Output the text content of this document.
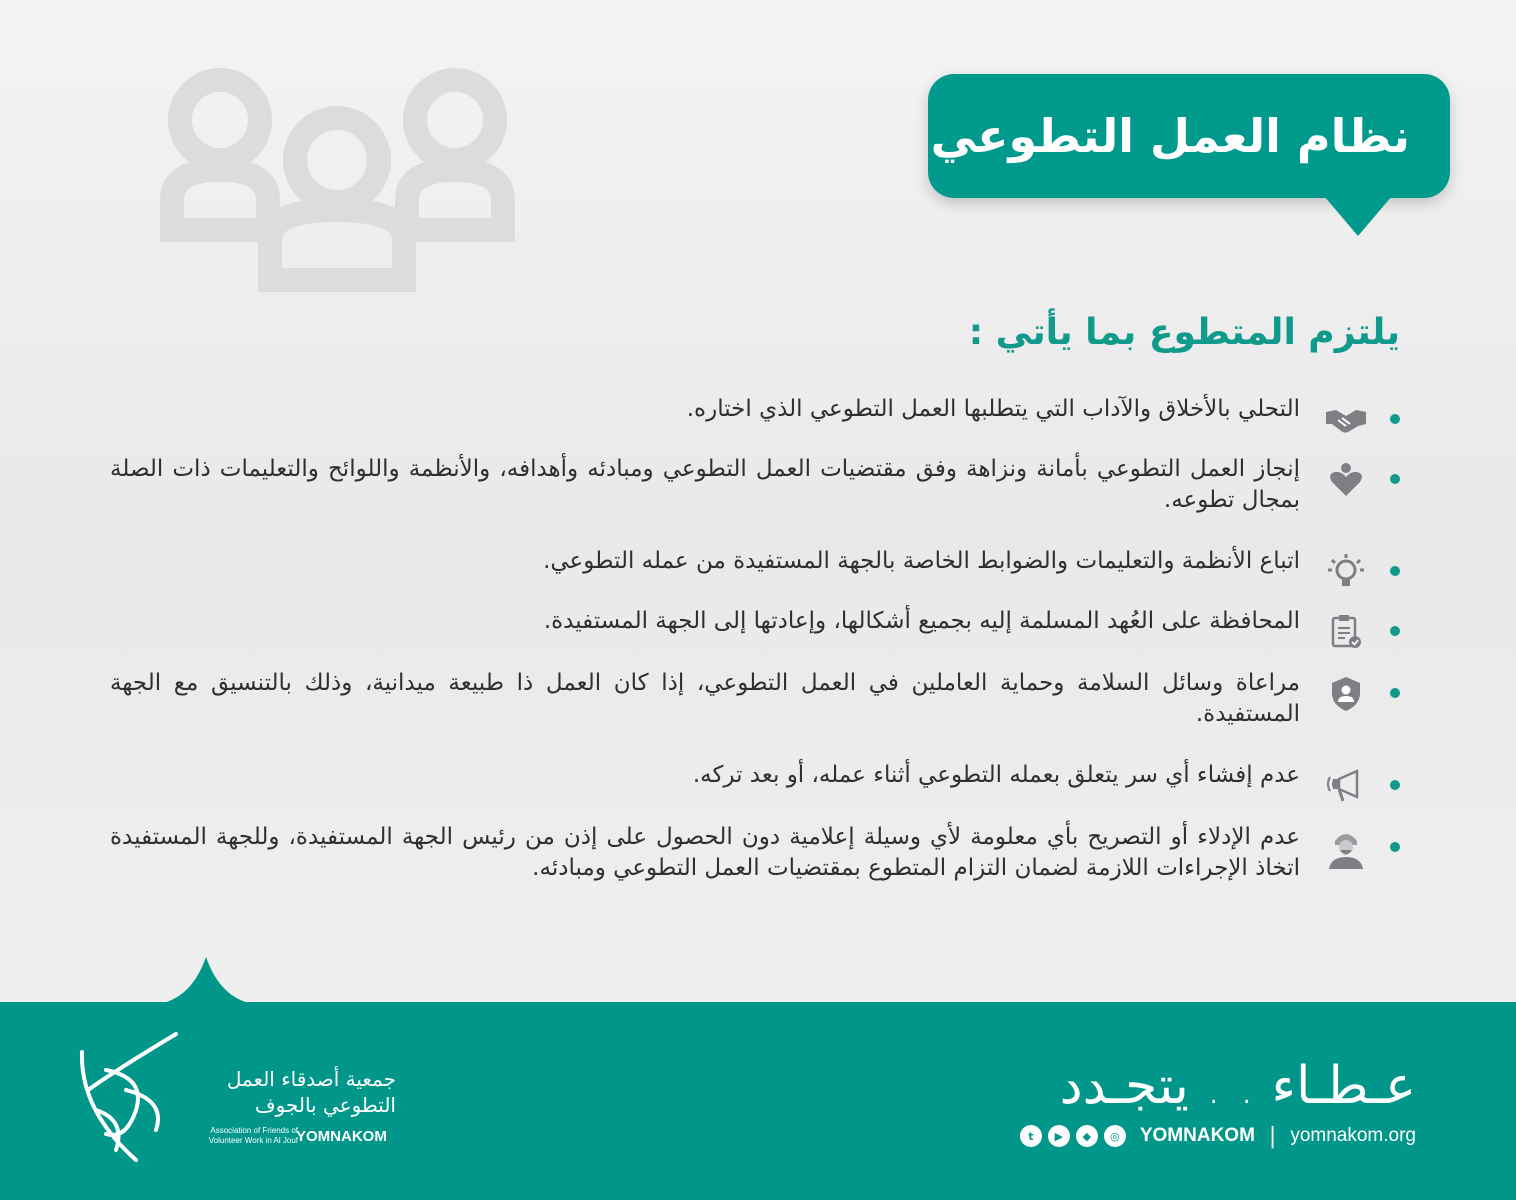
نظام العمل التطوعي
يلتزم المتطوع بما يأتي :
التحلي بالأخلاق والآداب التي يتطلبها العمل التطوعي الذي اختاره.
إنجاز العمل التطوعي بأمانة ونزاهة وفق مقتضيات العمل التطوعي ومبادئه وأهدافه، والأنظمة واللوائح والتعليمات ذات الصلة بمجال تطوعه.
اتباع الأنظمة والتعليمات والضوابط الخاصة بالجهة المستفيدة من عمله التطوعي.
المحافظة على العُهد المسلمة إليه بجميع أشكالها، وإعادتها إلى الجهة المستفيدة.
مراعاة وسائل السلامة وحماية العاملين في العمل التطوعي، إذا كان العمل ذا طبيعة ميدانية، وذلك بالتنسيق مع الجهة المستفيدة.
عدم إفشاء أي سر يتعلق بعمله التطوعي أثناء عمله، أو بعد تركه.
عدم الإدلاء أو التصريح بأي معلومة لأي وسيلة إعلامية دون الحصول على إذن من رئيس الجهة المستفيدة، وللجهة المستفيدة اتخاذ الإجراءات اللازمة لضمان التزام المتطوع بمقتضيات العمل التطوعي ومبادئه.
عـطـاء . . يتجـدد
t	▶	◆	◎	YOMNAKOM | yomnakom.org
جمعية أصدقاء العمل
التطوعي بالجوف
Association of Friends of
Volunteer Work in Al Jouf
YOMNAKOM
